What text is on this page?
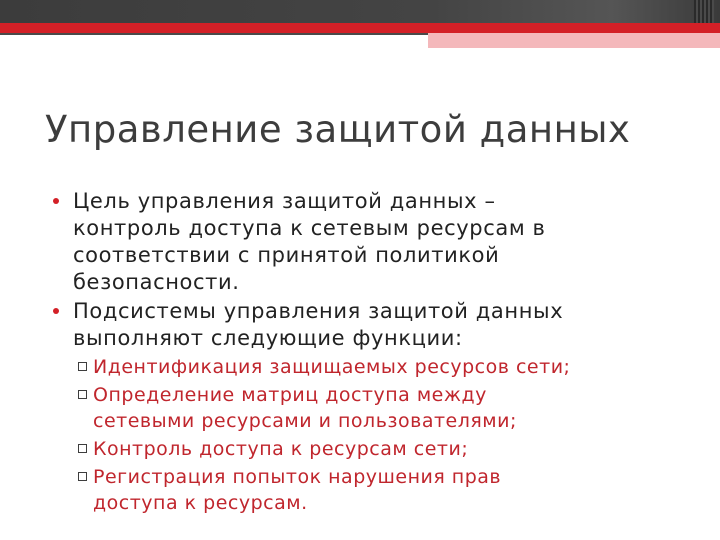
Управление защитой данных
Цель управления защитой данных –
контроль доступа к сетевым ресурсам в
соответствии с принятой политикой
безопасности.
Подсистемы управления защитой данных
выполняют следующие функции:
Идентификация защищаемых ресурсов сети;
Определение матриц доступа между
сетевыми ресурсами и пользователями;
Контроль доступа к ресурсам сети;
Регистрация попыток нарушения прав
доступа к ресурсам.
